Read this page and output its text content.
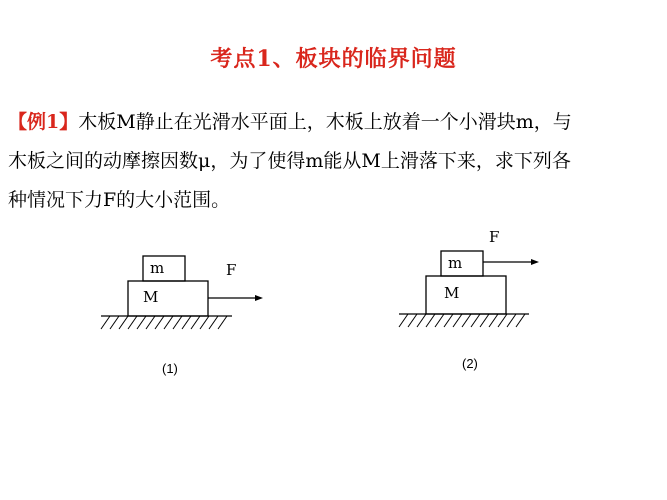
考点1、板块的临界问题
【例1】木板M静止在光滑水平面上，木板上放着一个小滑块m，与
木板之间的动摩擦因数μ，为了使得m能从M上滑落下来，求下列各
种情况下力F的大小范围。
m
M
F	m
M
F
(1)	(2)
